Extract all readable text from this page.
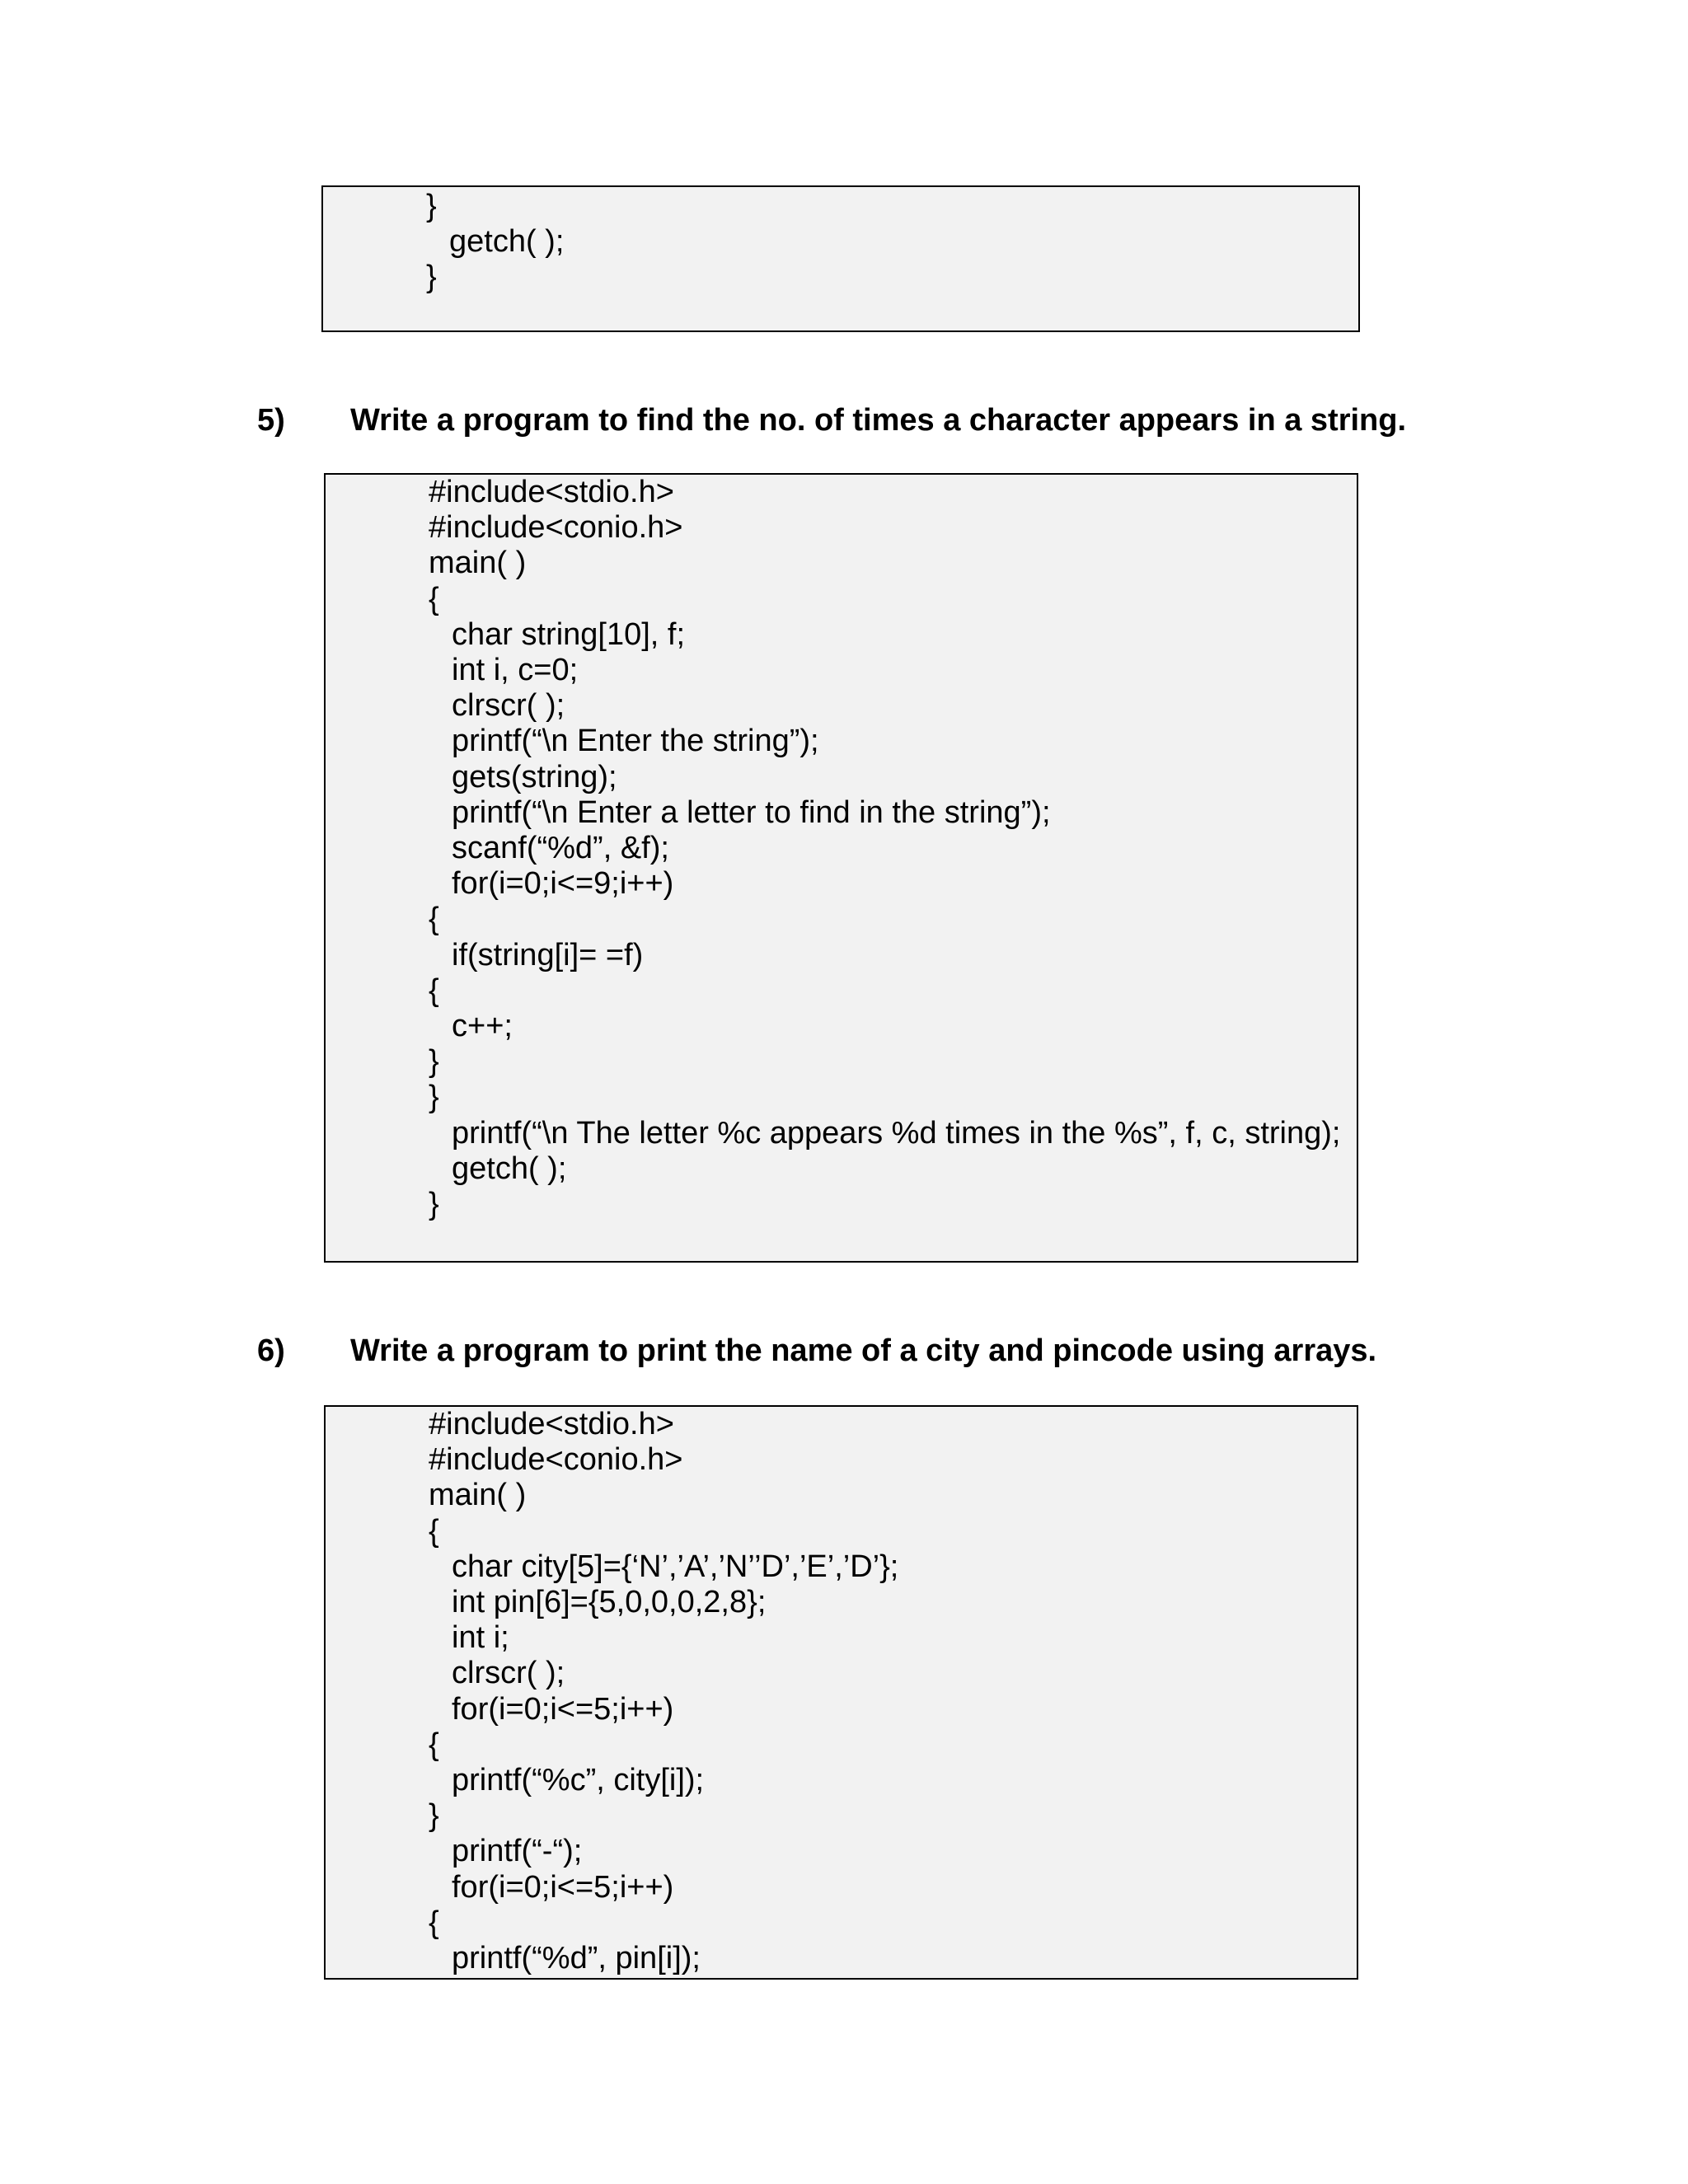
}
getch( );
}
5) Write a program to find the no. of times a character appears in a string.
#include<stdio.h>
#include<conio.h>
main( )
{
char string[10], f;
int i, c=0;
clrscr( );
printf(“\n Enter the string”);
gets(string);
printf(“\n Enter a letter to find in the string”);
scanf(“%d”, &f);
for(i=0;i<=9;i++)
{
if(string[i]= =f)
{
c++;
}
}
printf(“\n The letter %c appears %d times in the %s”, f, c, string);
getch( );
}
6) Write a program to print the name of a city and pincode using arrays.
#include<stdio.h>
#include<conio.h>
main( )
{
char city[5]={‘N’,’A’,’N’’D’,’E’,’D’};
int pin[6]={5,0,0,0,2,8};
int i;
clrscr( );
for(i=0;i<=5;i++)
{
printf(“%c”, city[i]);
}
printf(“-“);
for(i=0;i<=5;i++)
{
printf(“%d”, pin[i]);
